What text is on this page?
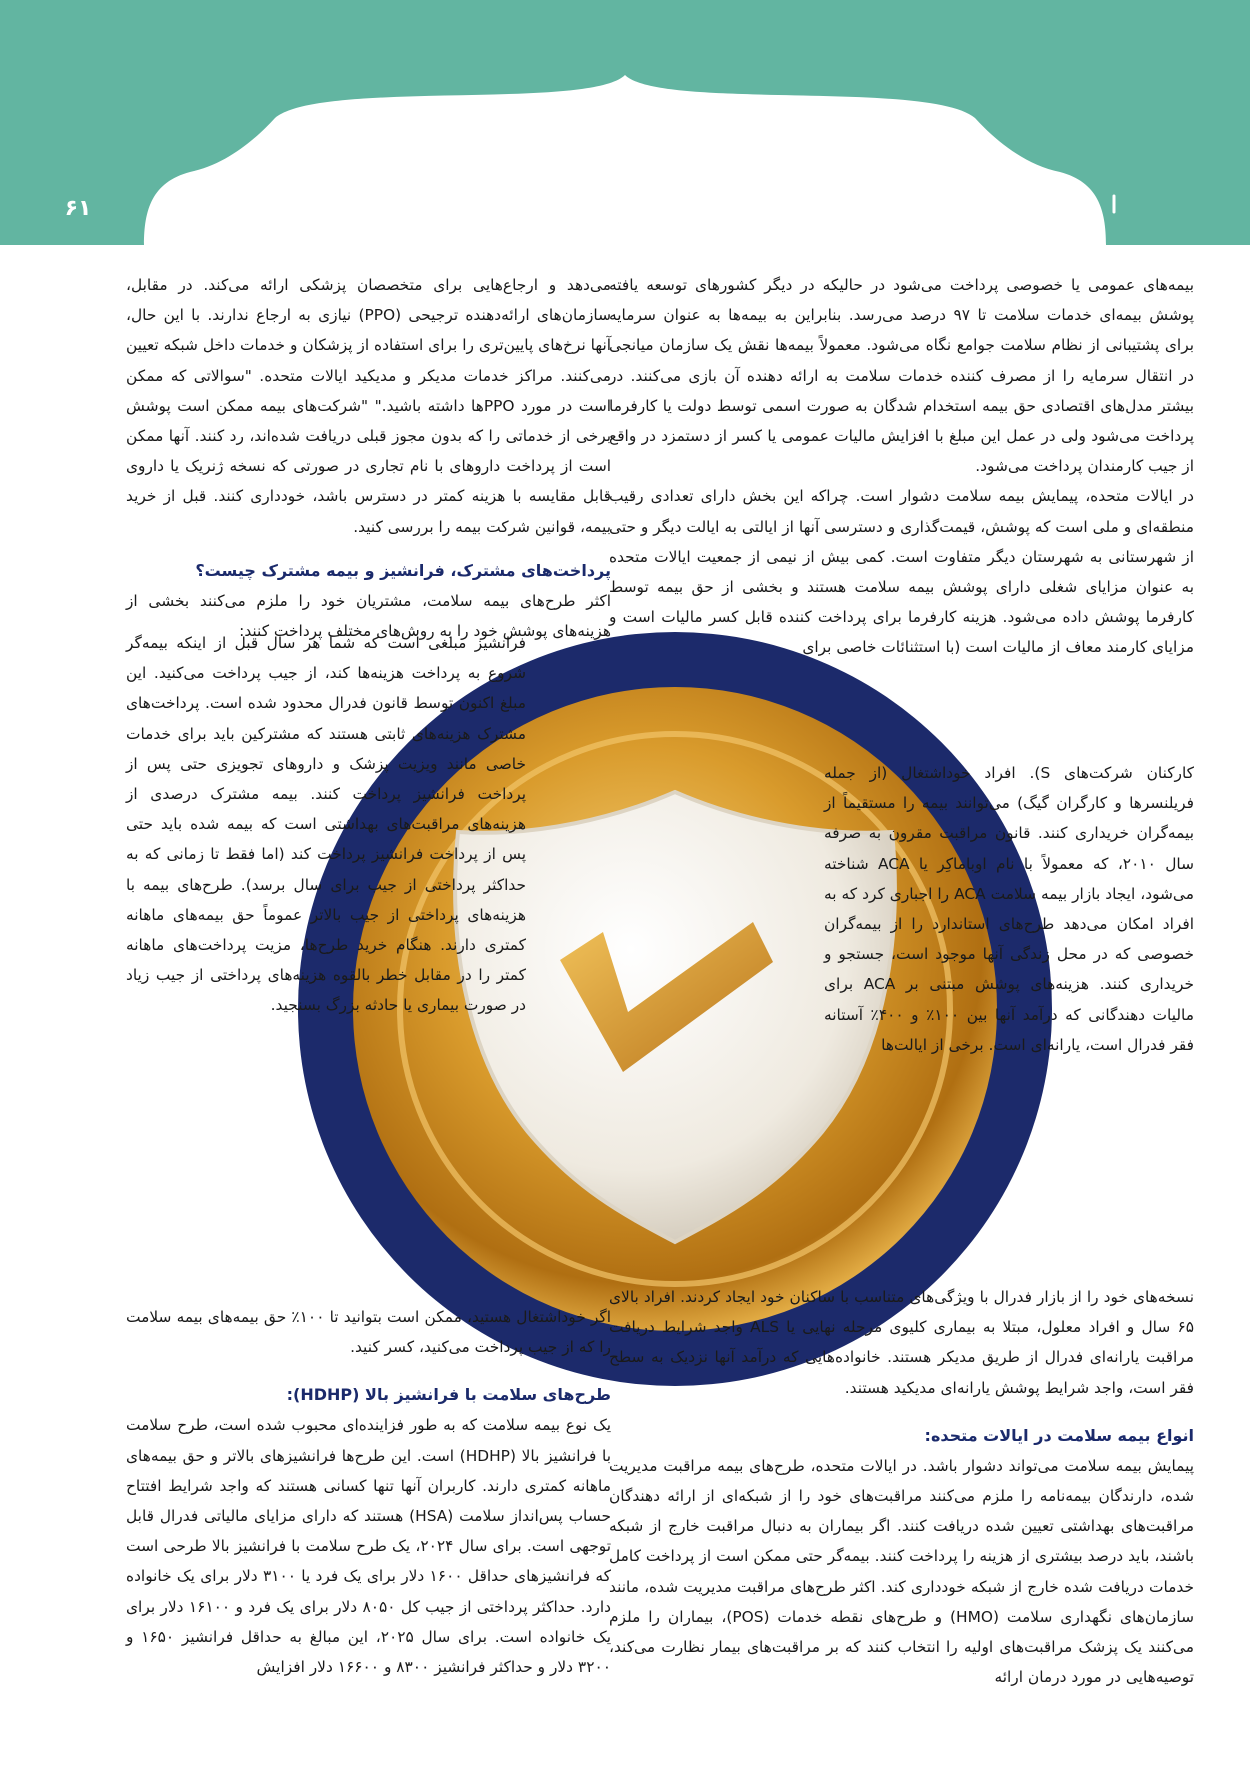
۶۱

بیمه‌های عمومی یا خصوصی پرداخت می‌شود در حالیکه در دیگر کشورهای توسعه یافته پوشش بیمه‌ای خدمات سلامت تا ۹۷ درصد می‌رسد. بنابراین به بیمه‌ها به عنوان سرمایه برای پشتیبانی از نظام سلامت جوامع نگاه می‌شود. معمولاً بیمه‌ها نقش یک سازمان میانجی در انتقال سرمایه را از مصرف کننده خدمات سلامت به ارائه دهنده آن بازی می‌کنند. در بیشتر مدل‌های اقتصادی حق بیمه استخدام شدگان به صورت اسمی توسط دولت یا کارفرما پرداخت می‌شود ولی در عمل این مبلغ با افزایش مالیات عمومی یا کسر از دستمزد در واقع از جیب کارمندان پرداخت می‌شود.

در ایالات متحده، پیمایش بیمه سلامت دشوار است. چراکه این بخش دارای تعدادی رقیب منطقه‌ای و ملی است که پوشش، قیمت‌گذاری و دسترسی آنها از ایالتی به ایالت دیگر و حتی از شهرستانی به شهرستان دیگر متفاوت است. کمی بیش از نیمی از جمعیت ایالات متحده به عنوان مزایای شغلی دارای پوشش بیمه سلامت هستند و بخشی از حق بیمه توسط کارفرما پوشش داده می‌شود. هزینه کارفرما برای پرداخت کننده قابل کسر مالیات است و مزایای کارمند معاف از مالیات است (با استثنائات خاصی برای

می‌دهد و ارجاع‌هایی برای متخصصان پزشکی ارائه می‌کند. در مقابل، سازمان‌های ارائه‌دهنده ترجیحی (PPO) نیازی به ارجاع ندارند. با این حال، آنها نرخ‌های پایین‌تری را برای استفاده از پزشکان و خدمات داخل شبکه تعیین می‌کنند. مراکز خدمات مدیکر و مدیکید ایالات متحده. "سوالاتی که ممکن است در مورد PPOها داشته باشید." "شرکت‌های بیمه ممکن است پوشش برخی از خدماتی را که بدون مجوز قبلی دریافت شده‌اند، رد کنند. آنها ممکن است از پرداخت داروهای با نام تجاری در صورتی که نسخه ژنریک یا داروی قابل مقایسه با هزینه کمتر در دسترس باشد، خودداری کنند. قبل از خرید بیمه، قوانین شرکت بیمه را بررسی کنید.

پرداخت‌های مشترک، فرانشیز و بیمه مشترک چیست؟

اکثر طرح‌های بیمه سلامت، مشتریان خود را ملزم می‌کنند بخشی از هزینه‌های پوشش خود را به روش‌های مختلف پرداخت کنند:

کارکنان شرکت‌های S). افراد خوداشتغال (از جمله فریلنسرها و کارگران گیگ) می‌توانند بیمه را مستقیماً از بیمه‌گران خریداری کنند. قانون مراقبت مقرون به صرفه سال ۲۰۱۰، که معمولاً با نام اوباماکِر یا ACA شناخته می‌شود، ایجاد بازار بیمه سلامت ACA را اجباری کرد که به افراد امکان می‌دهد طرح‌های استاندارد را از بیمه‌گران خصوصی که در محل زندگی آنها موجود است، جستجو و خریداری کنند. هزینه‌های پوشش مبتنی بر ACA برای مالیات دهندگانی که درآمد آنها بین ۱۰۰٪ و ۴۰۰٪ آستانه فقر فدرال است، یارانه‌ای است. برخی از ایالت‌ها

فرانشیز مبلغی است که شما هر سال قبل از اینکه بیمه‌گر شروع به پرداخت هزینه‌ها کند، از جیب پرداخت می‌کنید. این مبلغ اکنون توسط قانون فدرال محدود شده است. پرداخت‌های مشترک هزینه‌های ثابتی هستند که مشترکین باید برای خدمات خاصی مانند ویزیت پزشک و داروهای تجویزی حتی پس از پرداخت فرانشیز پرداخت کنند. بیمه مشترک درصدی از هزینه‌های مراقبت‌های بهداشتی است که بیمه شده باید حتی پس از پرداخت فرانشیز پرداخت کند (اما فقط تا زمانی که به حداکثر پرداختی از جیب برای سال برسد). طرح‌های بیمه با هزینه‌های پرداختی از جیب بالاتر عموماً حق بیمه‌های ماهانه کمتری دارند. هنگام خرید طرح‌ها، مزیت پرداخت‌های ماهانه کمتر را در مقابل خطر بالقوه هزینه‌های پرداختی از جیب زیاد در صورت بیماری یا حادثه بزرگ بسنجید.

نسخه‌های خود را از بازار فدرال با ویژگی‌های متناسب با ساکنان خود ایجاد کردند. افراد بالای ۶۵ سال و افراد معلول، مبتلا به بیماری کلیوی مرحله نهایی یا ALS واجد شرایط دریافت مراقبت یارانه‌ای فدرال از طریق مدیکر هستند. خانواده‌هایی که درآمد آنها نزدیک به سطح فقر است، واجد شرایط پوشش یارانه‌ای مدیکید هستند.

انواع بیمه سلامت در ایالات متحده:

پیمایش بیمه سلامت می‌تواند دشوار باشد. در ایالات متحده، طرح‌های بیمه مراقبت مدیریت شده، دارندگان بیمه‌نامه را ملزم می‌کنند مراقبت‌های خود را از شبکه‌ای از ارائه دهندگان مراقبت‌های بهداشتی تعیین شده دریافت کنند. اگر بیماران به دنبال مراقبت خارج از شبکه باشند، باید درصد بیشتری از هزینه را پرداخت کنند. بیمه‌گر حتی ممکن است از پرداخت کامل خدمات دریافت شده خارج از شبکه خودداری کند. اکثر طرح‌های مراقبت مدیریت شده، مانند سازمان‌های نگهداری سلامت (HMO) و طرح‌های نقطه خدمات (POS)، بیماران را ملزم می‌کنند یک پزشک مراقبت‌های اولیه را انتخاب کنند که بر مراقبت‌های بیمار نظارت می‌کند، توصیه‌هایی در مورد درمان ارائه

اگر خوداشتغال هستید، ممکن است بتوانید تا ۱۰۰٪ حق بیمه‌های بیمه سلامت را که از جیب پرداخت می‌کنید، کسر کنید.

طرح‌های سلامت با فرانشیز بالا (HDHP):

یک نوع بیمه سلامت که به طور فزاینده‌ای محبوب شده است، طرح سلامت با فرانشیز بالا (HDHP) است. این طرح‌ها فرانشیزهای بالاتر و حق بیمه‌های ماهانه کمتری دارند. کاربران آنها تنها کسانی هستند که واجد شرایط افتتاح حساب پس‌انداز سلامت (HSA) هستند که دارای مزایای مالیاتی فدرال قابل توجهی است. برای سال ۲۰۲۴، یک طرح سلامت با فرانشیز بالا طرحی است که فرانشیزهای حداقل ۱۶۰۰ دلار برای یک فرد یا ۳۱۰۰ دلار برای یک خانواده دارد. حداکثر پرداختی از جیب کل ۸۰۵۰ دلار برای یک فرد و ۱۶۱۰۰ دلار برای یک خانواده است. برای سال ۲۰۲۵، این مبالغ به حداقل فرانشیز ۱۶۵۰ و ۳۲۰۰ دلار و حداکثر فرانشیز ۸۳۰۰ و ۱۶۶۰۰ دلار افزایش
